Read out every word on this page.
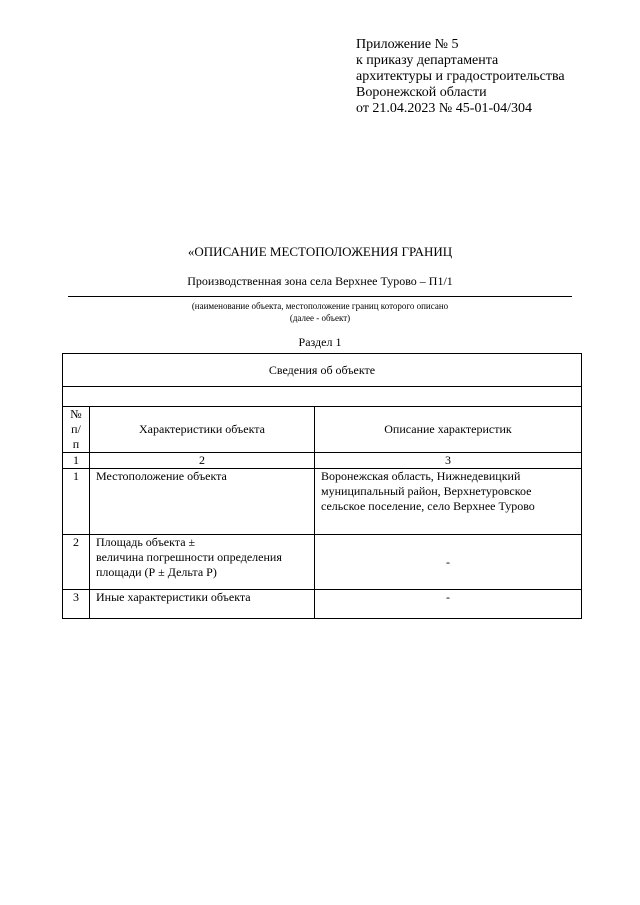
Приложение № 5
к приказу департамента
архитектуры и градостроительства
Воронежской области
от 21.04.2023 № 45-01-04/304
«ОПИСАНИЕ МЕСТОПОЛОЖЕНИЯ ГРАНИЦ
Производственная зона села Верхнее Турово – П1/1
(наименование объекта, местоположение границ которого описано
(далее - объект)
Раздел 1
Сведения об объекте		

№
п/п	Характеристики объекта	Описание характеристик
1	2	3
1	Местоположение объекта	Воронежская область, Нижнедевицкий муниципальный район, Верхнетуровское сельское поселение, село Верхнее Турово
2	Площадь объекта ±
величина погрешности определения
площади (Р ± Дельта Р)	-
3	Иные характеристики объекта	-
